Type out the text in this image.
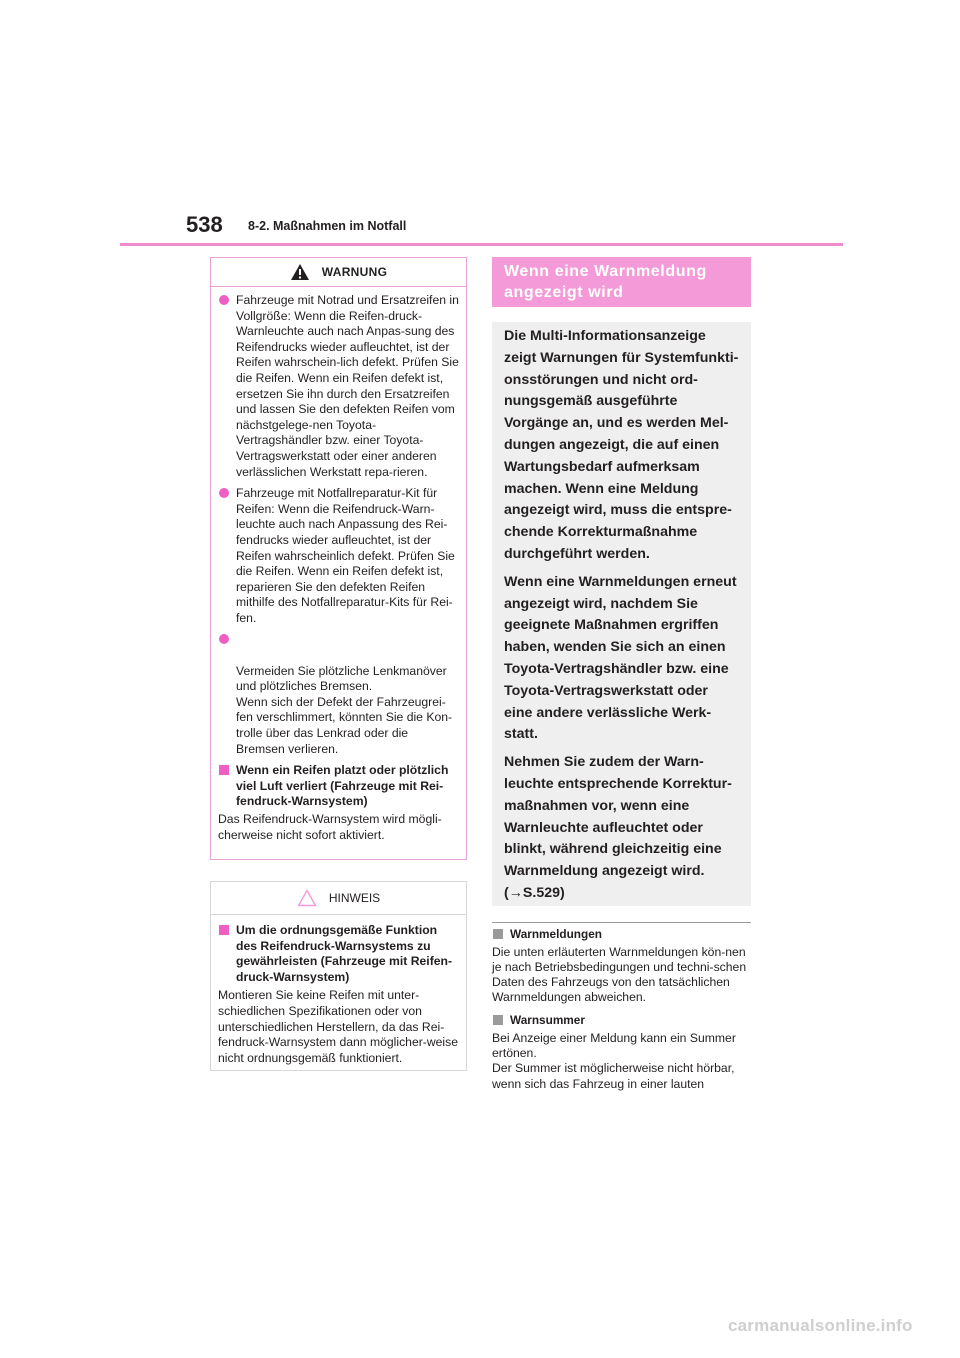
538 8-2. Maßnahmen im Notfall
WARNUNG
Fahrzeuge mit Notrad und Ersatzreifen in Vollgröße: Wenn die Reifen-druck-Warnleuchte auch nach Anpas-sung des Reifendrucks wieder aufleuchtet, ist der Reifen wahrschein-lich defekt. Prüfen Sie die Reifen. Wenn ein Reifen defekt ist, ersetzen Sie ihn durch den Ersatzreifen und lassen Sie den defekten Reifen vom nächstgelege-nen Toyota-Vertragshändler bzw. einer Toyota-Vertragswerkstatt oder einer anderen verlässlichen Werkstatt repa-rieren.
Fahrzeuge mit Notfallreparatur-Kit für Reifen: Wenn die Reifendruck-Warn-leuchte auch nach Anpassung des Rei-fendrucks wieder aufleuchtet, ist der Reifen wahrscheinlich defekt. Prüfen Sie die Reifen. Wenn ein Reifen defekt ist, reparieren Sie den defekten Reifen mithilfe des Notfallreparatur-Kits für Rei-fen.

Vermeiden Sie plötzliche Lenkmanöver und plötzliches Bremsen.
Wenn sich der Defekt der Fahrzeugrei-fen verschlimmert, könnten Sie die Kon-trolle über das Lenkrad oder die Bremsen verlieren.

Wenn ein Reifen platzt oder plötzlich viel Luft verliert (Fahrzeuge mit Rei-fendruck-Warnsystem)

Das Reifendruck-Warnsystem wird mögli-cherweise nicht sofort aktiviert.

HINWEIS
Um die ordnungsgemäße Funktion des Reifendruck-Warnsystems zu gewährleisten (Fahrzeuge mit Reifen-druck-Warnsystem)

Montieren Sie keine Reifen mit unter-schiedlichen Spezifikationen oder von unterschiedlichen Herstellern, da das Rei-fendruck-Warnsystem dann möglicher-weise nicht ordnungsgemäß funktioniert.

Wenn eine Warnmeldung
angezeigt wird

Die Multi-Informationsanzeige zeigt Warnungen für Systemfunkti-onsstörungen und nicht ord-nungsgemäß ausgeführte Vorgänge an, und es werden Mel-dungen angezeigt, die auf einen Wartungsbedarf aufmerksam machen. Wenn eine Meldung angezeigt wird, muss die entspre-chende Korrekturmaßnahme durchgeführt werden.

Wenn eine Warnmeldungen erneut angezeigt wird, nachdem Sie geeignete Maßnahmen ergriffen haben, wenden Sie sich an einen Toyota-Vertragshändler bzw. eine Toyota-Vertragswerkstatt oder eine andere verlässliche Werk-statt.

Nehmen Sie zudem der Warn-leuchte entsprechende Korrektur-maßnahmen vor, wenn eine Warnleuchte aufleuchtet oder blinkt, während gleichzeitig eine Warnmeldung angezeigt wird. (→S.529)

Warnmeldungen

Die unten erläuterten Warnmeldungen kön-nen je nach Betriebsbedingungen und techni-schen Daten des Fahrzeugs von den tatsächlichen Warnmeldungen abweichen.

Warnsummer

Bei Anzeige einer Meldung kann ein Summer ertönen.
Der Summer ist möglicherweise nicht hörbar, wenn sich das Fahrzeug in einer lauten

carmanualsonline.info
